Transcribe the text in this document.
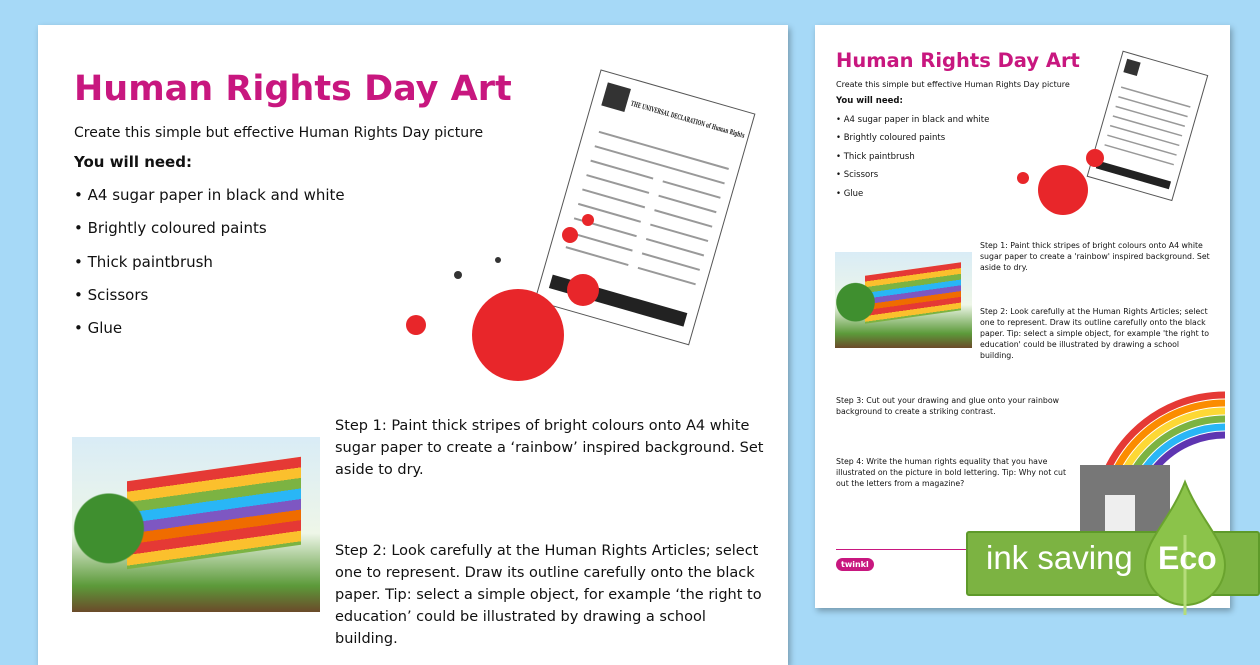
Human Rights Day Art
Create this simple but effective Human Rights Day picture
You will need:
• A4 sugar paper in black and white
• Brightly coloured paints
• Thick paintbrush
• Scissors
• Glue
THE UNIVERSAL DECLARATION of Human Rights
Step 1: Paint thick stripes of bright colours onto A4 white sugar paper to create a ‘rainbow’ inspired background. Set aside to dry.
Step 2: Look carefully at the Human Rights Articles; select one to represent. Draw its outline carefully onto the black paper. Tip: select a simple object, for example ‘the right to education’ could be illustrated by drawing a school building.
Human Rights Day Art
Create this simple but effective Human Rights Day picture
You will need:
• A4 sugar paper in black and white
• Brightly coloured paints
• Thick paintbrush
• Scissors
• Glue
Step 1: Paint thick stripes of bright colours onto A4 white sugar paper to create a 'rainbow' inspired background. Set aside to dry.
Step 2: Look carefully at the Human Rights Articles; select one to represent. Draw its outline carefully onto the black paper. Tip: select a simple object, for example 'the right to education' could be illustrated by drawing a school building.
Step 3: Cut out your drawing and glue onto your rainbow background to create a striking contrast.
Step 4: Write the human rights equality that you have illustrated on the picture in bold lettering. Tip: Why not cut out the letters from a magazine?
twinkl	ink saving Eco
